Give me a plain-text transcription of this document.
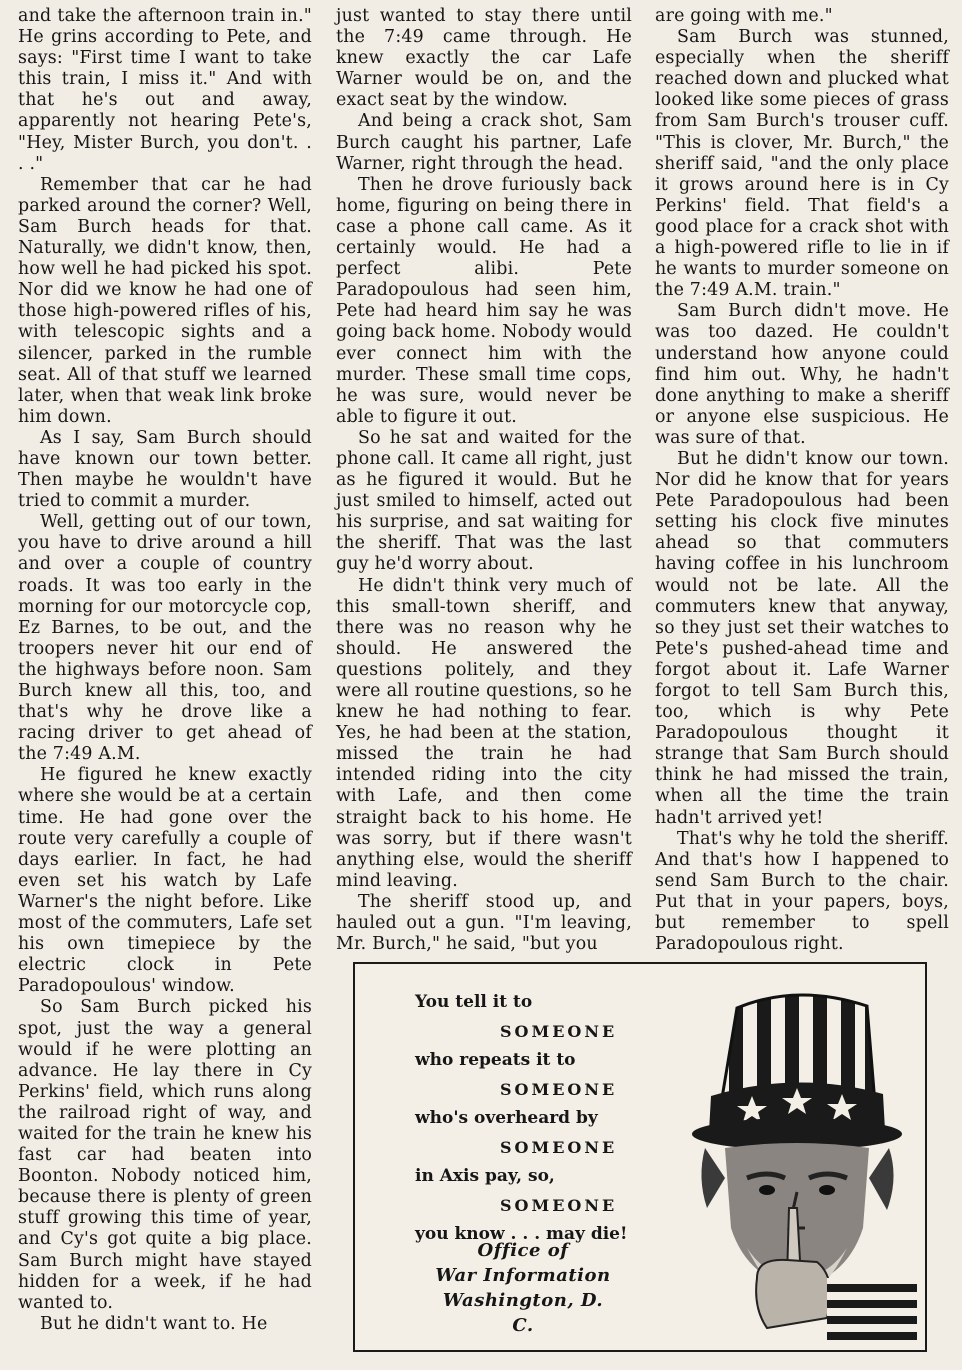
and take the afternoon train in." He grins according to Pete, and says: "First time I want to take this train, I miss it." And with that he's out and away, apparently not hearing Pete's, "Hey, Mister Burch, you don't. . . ."

Remember that car he had parked around the corner? Well, Sam Burch heads for that. Naturally, we didn't know, then, how well he had picked his spot. Nor did we know he had one of those high-powered rifles of his, with telescopic sights and a silencer, parked in the rumble seat. All of that stuff we learned later, when that weak link broke him down.

As I say, Sam Burch should have known our town better. Then maybe he wouldn't have tried to commit a murder.

Well, getting out of our town, you have to drive around a hill and over a couple of country roads. It was too early in the morning for our motorcycle cop, Ez Barnes, to be out, and the troopers never hit our end of the highways before noon. Sam Burch knew all this, too, and that's why he drove like a racing driver to get ahead of the 7:49 A.M.

He figured he knew exactly where she would be at a certain time. He had gone over the route very carefully a couple of days earlier. In fact, he had even set his watch by Lafe Warner's the night before. Like most of the commuters, Lafe set his own timepiece by the electric clock in Pete Paradopoulous' window.

So Sam Burch picked his spot, just the way a general would if he were plotting an advance. He lay there in Cy Perkins' field, which runs along the railroad right of way, and waited for the train he knew his fast car had beaten into Boonton. Nobody noticed him, because there is plenty of green stuff growing this time of year, and Cy's got quite a big place. Sam Burch might have stayed hidden for a week, if he had wanted to.

But he didn't want to. He

just wanted to stay there until the 7:49 came through. He knew exactly the car Lafe Warner would be on, and the exact seat by the window.

And being a crack shot, Sam Burch caught his partner, Lafe Warner, right through the head.

Then he drove furiously back home, figuring on being there in case a phone call came. As it certainly would. He had a perfect alibi. Pete Paradopoulous had seen him, Pete had heard him say he was going back home. Nobody would ever connect him with the murder. These small time cops, he was sure, would never be able to figure it out.

So he sat and waited for the phone call. It came all right, just as he figured it would. But he just smiled to himself, acted out his surprise, and sat waiting for the sheriff. That was the last guy he'd worry about.

He didn't think very much of this small-town sheriff, and there was no reason why he should. He answered the questions politely, and they were all routine questions, so he knew he had nothing to fear. Yes, he had been at the station, missed the train he had intended riding into the city with Lafe, and then come straight back to his home. He was sorry, but if there wasn't anything else, would the sheriff mind leaving.

The sheriff stood up, and hauled out a gun. "I'm leaving, Mr. Burch," he said, "but you

are going with me."

Sam Burch was stunned, especially when the sheriff reached down and plucked what looked like some pieces of grass from Sam Burch's trouser cuff. "This is clover, Mr. Burch," the sheriff said, "and the only place it grows around here is in Cy Perkins' field. That field's a good place for a crack shot with a high-powered rifle to lie in if he wants to murder someone on the 7:49 A.M. train."

Sam Burch didn't move. He was too dazed. He couldn't understand how anyone could find him out. Why, he hadn't done anything to make a sheriff or anyone else suspicious. He was sure of that.

But he didn't know our town. Nor did he know that for years Pete Paradopoulous had been setting his clock five minutes ahead so that commuters having coffee in his lunchroom would not be late. All the commuters knew that anyway, so they just set their watches to Pete's pushed-ahead time and forgot about it. Lafe Warner forgot to tell Sam Burch this, too, which is why Pete Paradopoulous thought it strange that Sam Burch should think he had missed the train, when all the time the train hadn't arrived yet!

That's why he told the sheriff. And that's how I happened to send Sam Burch to the chair. Put that in your papers, boys, but remember to spell Paradopoulous right.

You tell it to
SOMEONE
who repeats it to
SOMEONE
who's overheard by
SOMEONE
in Axis pay, so,
SOMEONE
you know . . . may die!
Office of
War Information
Washington, D. C.
